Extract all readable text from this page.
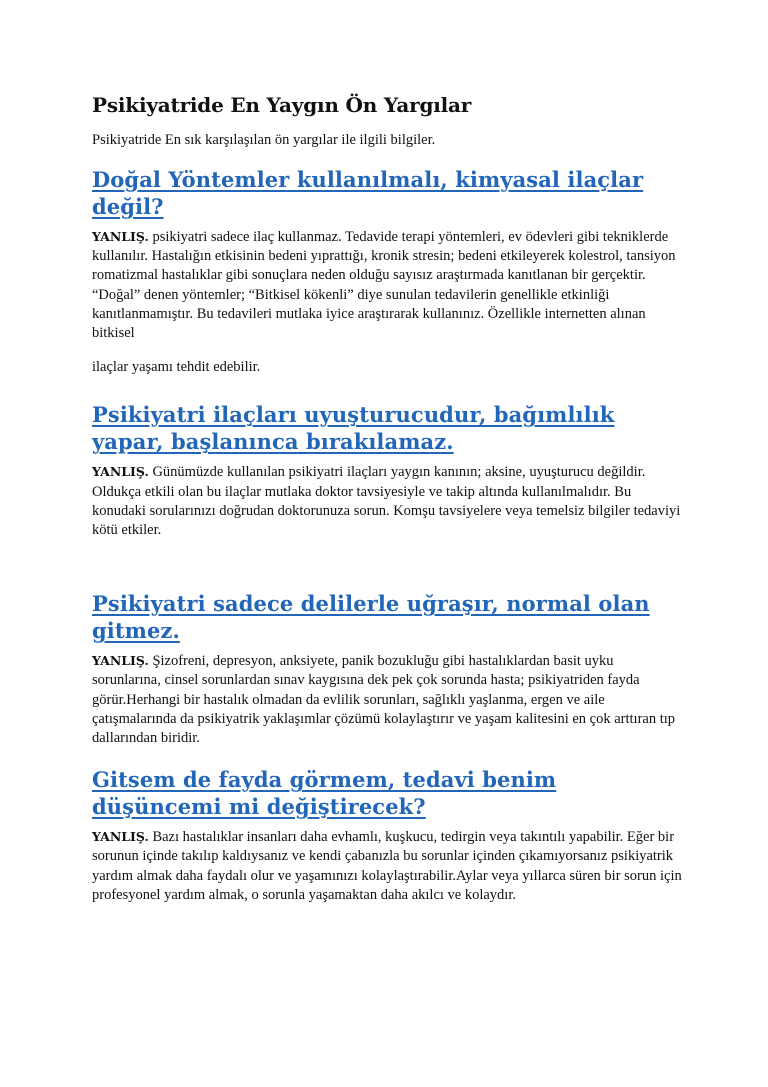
Psikiyatride En Yaygın Ön Yargılar

Psikiyatride En sık karşılaşılan ön yargılar ile ilgili bilgiler.

Doğal Yöntemler kullanılmalı, kimyasal ilaçlar değil?

YANLIŞ. psikiyatri sadece ilaç kullanmaz. Tedavide terapi yöntemleri, ev ödevleri gibi tekniklerde kullanılır. Hastalığın etkisinin bedeni yıprattığı, kronik stresin; bedeni etkileyerek kolestrol, tansiyon romatizmal hastalıklar gibi sonuçlara neden olduğu sayısız araştırmada kanıtlanan bir gerçektir. “Doğal” denen yöntemler; “Bitkisel kökenli” diye sunulan tedavilerin genellikle etkinliği kanıtlanmamıştır. Bu tedavileri mutlaka iyice araştırarak kullanınız. Özellikle internetten alınan bitkisel

ilaçlar yaşamı tehdit edebilir.

Psikiyatri ilaçları uyuşturucudur, bağımlılık yapar, başlanınca bırakılamaz.

YANLIŞ. Günümüzde kullanılan psikiyatri ilaçları yaygın kanının; aksine, uyuşturucu değildir. Oldukça etkili olan bu ilaçlar mutlaka doktor tavsiyesiyle ve takip altında kullanılmalıdır. Bu konudaki sorularınızı doğrudan doktorunuza sorun. Komşu tavsiyelere veya temelsiz bilgiler tedaviyi kötü etkiler.

Psikiyatri sadece delilerle uğraşır, normal olan gitmez.

YANLIŞ. Şizofreni, depresyon, anksiyete, panik bozukluğu gibi hastalıklardan basit uyku sorunlarına, cinsel sorunlardan sınav kaygısına dek pek çok sorunda hasta; psikiyatriden fayda görür.Herhangi bir hastalık olmadan da evlilik sorunları, sağlıklı yaşlanma, ergen ve aile çatışmalarında da psikiyatrik yaklaşımlar çözümü kolaylaştırır ve yaşam kalitesini en çok arttıran tıp dallarından biridir.

Gitsem de fayda görmem, tedavi benim düşüncemi mi değiştirecek?

YANLIŞ. Bazı hastalıklar insanları daha evhamlı, kuşkucu, tedirgin veya takıntılı yapabilir. Eğer bir sorunun içinde takılıp kaldıysanız ve kendi çabanızla bu sorunlar içinden çıkamıyorsanız psikiyatrik yardım almak daha faydalı olur ve yaşamınızı kolaylaştırabilir.Aylar veya yıllarca süren bir sorun için profesyonel yardım almak, o sorunla yaşamaktan daha akılcı ve kolaydır.
